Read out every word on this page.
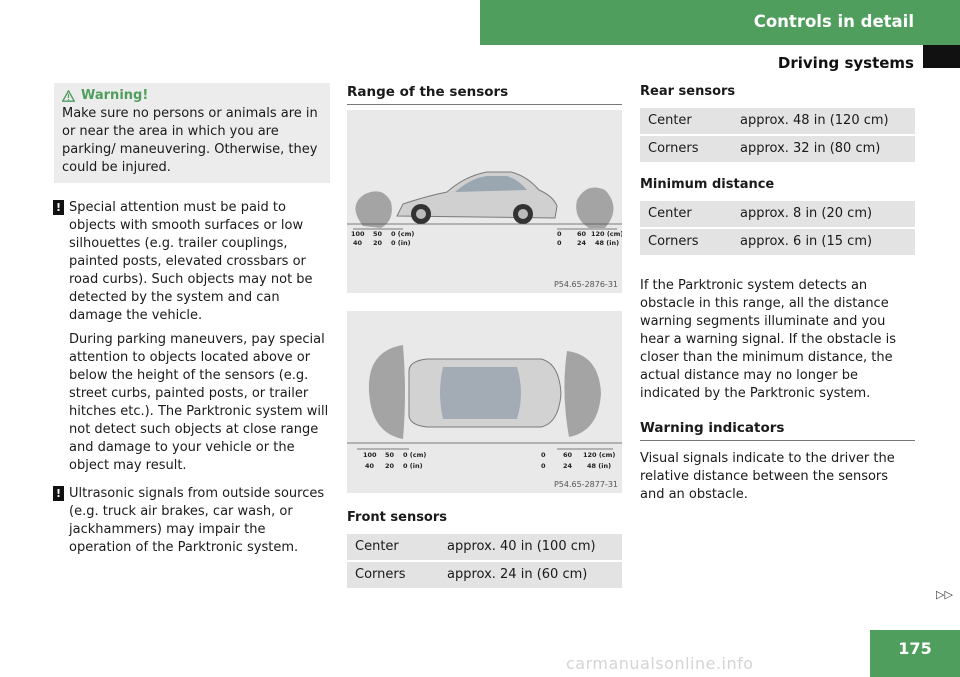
Controls in detail
Driving systems
Warning!
Make sure no persons or animals are in or near the area in which you are parking/ maneuvering. Otherwise, they could be injured.
! Special attention must be paid to objects with smooth surfaces or low silhouettes (e.g. trailer couplings, painted posts, elevated crossbars or road curbs). Such objects may not be detected by the system and can damage the vehicle.
During parking maneuvers, pay special attention to objects located above or below the height of the sensors (e.g. street curbs, painted posts, or trailer hitches etc.). The Parktronic system will not detect such objects at close range and damage to your vehicle or the object may result.
! Ultrasonic signals from outside sources (e.g. truck air brakes, car wash, or jackhammers) may impair the operation of the Parktronic system.
Range of the sensors
100 50 0 (cm)
40 20 0 (in)
0 60 120 (cm)
0 24 48 (in)
P54.65-2876-31
100 50 0 (cm)
40 20 0 (in)
0	60 120 (cm)
0	24 48 (in)
P54.65-2877-31
Front sensors
Center	approx. 40 in (100 cm)
Corners	approx. 24 in (60 cm)
Rear sensors
Center	approx. 48 in (120 cm)
Corners	approx. 32 in (80 cm)
Minimum distance
Center	approx. 8 in (20 cm)
Corners	approx. 6 in (15 cm)
If the Parktronic system detects an obstacle in this range, all the distance warning segments illuminate and you hear a warning signal. If the obstacle is closer than the minimum distance, the actual distance may no longer be indicated by the Parktronic system.
Warning indicators
Visual signals indicate to the driver the relative distance between the sensors and an obstacle.
▷▷
175
carmanualsonline.info
